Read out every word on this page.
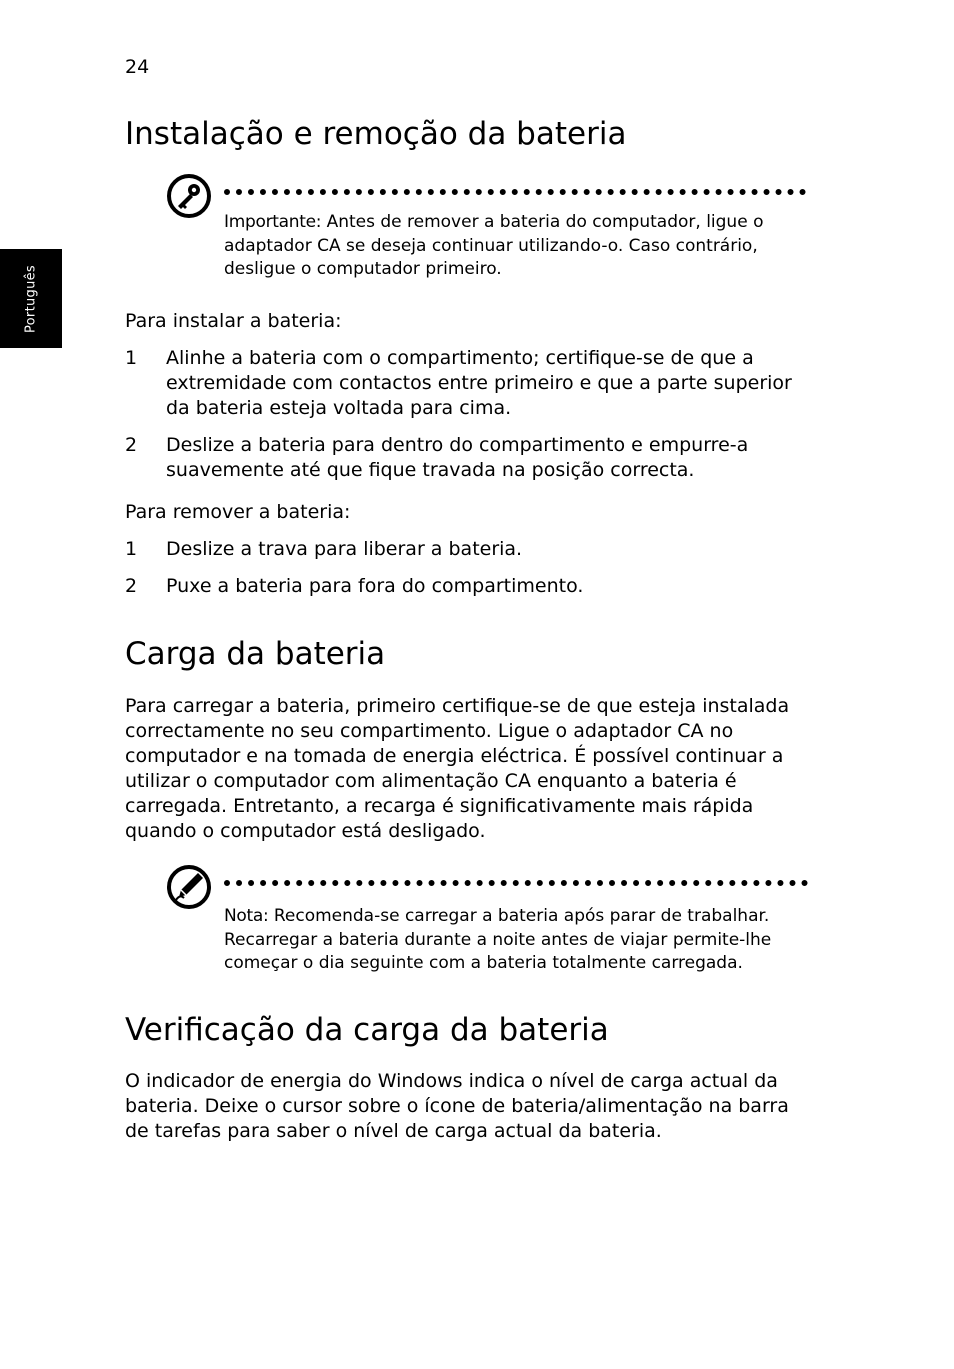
24
Português
Instalação e remoção da bateria
Importante: Antes de remover a bateria do computador, ligue o
adaptador CA se deseja continuar utilizando-o. Caso contrário,
desligue o computador primeiro.
Para instalar a bateria:
1 Alinhe a bateria com o compartimento; certifique-se de que a
extremidade com contactos entre primeiro e que a parte superior
da bateria esteja voltada para cima.
2 Deslize a bateria para dentro do compartimento e empurre-a
suavemente até que fique travada na posição correcta.
Para remover a bateria:
1 Deslize a trava para liberar a bateria.
2 Puxe a bateria para fora do compartimento.
Carga da bateria
Para carregar a bateria, primeiro certifique-se de que esteja instalada
correctamente no seu compartimento. Ligue o adaptador CA no
computador e na tomada de energia eléctrica. É possível continuar a
utilizar o computador com alimentação CA enquanto a bateria é
carregada. Entretanto, a recarga é significativamente mais rápida
quando o computador está desligado.
Nota: Recomenda-se carregar a bateria após parar de trabalhar.
Recarregar a bateria durante a noite antes de viajar permite-lhe
começar o dia seguinte com a bateria totalmente carregada.
Verificação da carga da bateria
O indicador de energia do Windows indica o nível de carga actual da
bateria. Deixe o cursor sobre o ícone de bateria/alimentação na barra
de tarefas para saber o nível de carga actual da bateria.
